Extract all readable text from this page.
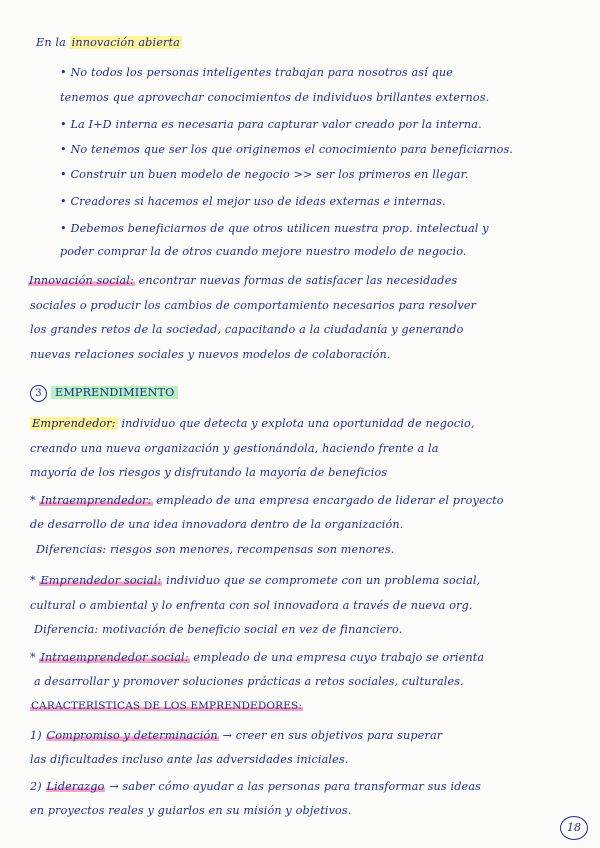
En la innovación abierta
• No todos los personas inteligentes trabajan para nosotros así que
tenemos que aprovechar conocimientos de individuos brillantes externos.
• La I+D interna es necesaria para capturar valor creado por la interna.
• No tenemos que ser los que originemos el conocimiento para beneficiarnos.
• Construir un buen modelo de negocio >> ser los primeros en llegar.
• Creadores si hacemos el mejor uso de ideas externas e internas.
• Debemos beneficiarnos de que otros utilicen nuestra prop. intelectual y
poder comprar la de otros cuando mejore nuestro modelo de negocio.
Innovación social: encontrar nuevas formas de satisfacer las necesidades
sociales o producir los cambios de comportamiento necesarios para resolver
los grandes retos de la sociedad, capacitando a la ciudadanía y generando
nuevas relaciones sociales y nuevos modelos de colaboración.
3 EMPRENDIMIENTO
Emprendedor: individuo que detecta y explota una oportunidad de negocio,
creando una nueva organización y gestionándola, haciendo frente a la
mayoría de los riesgos y disfrutando la mayoría de beneficios
* Intraemprendedor: empleado de una empresa encargado de liderar el proyecto
de desarrollo de una idea innovadora dentro de la organización.
Diferencias: riesgos son menores, recompensas son menores.
* Emprendedor social: individuo que se compromete con un problema social,
cultural o ambiental y lo enfrenta con sol innovadora a través de nueva org.
Diferencia: motivación de beneficio social en vez de financiero.
* Intraemprendedor social: empleado de una empresa cuyo trabajo se orienta
a desarrollar y promover soluciones prácticas a retos sociales, culturales.
CARACTERÍSTICAS DE LOS EMPRENDEDORES:
1) Compromiso y determinación → creer en sus objetivos para superar
las dificultades incluso ante las adversidades iniciales.
2) Liderazgo → saber cómo ayudar a las personas para transformar sus ideas
en proyectos reales y guiarlos en su misión y objetivos.
18
